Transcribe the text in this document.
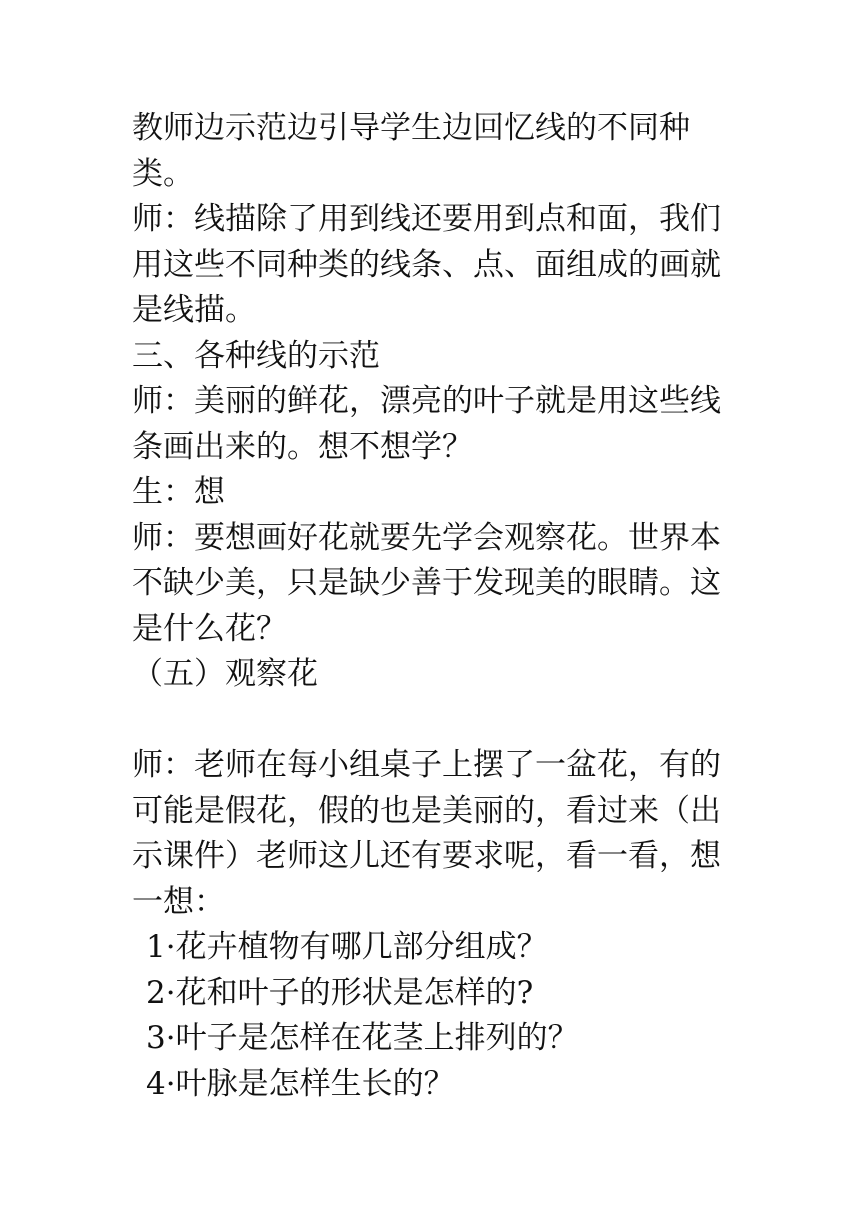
教师边示范边引导学生边回忆线的不同种类。

师：线描除了用到线还要用到点和面，我们用这些不同种类的线条、点、面组成的画就是线描。

三、各种线的示范

师：美丽的鲜花，漂亮的叶子就是用这些线条画出来的。想不想学？

生：想

师：要想画好花就要先学会观察花。世界本不缺少美，只是缺少善于发现美的眼睛。这是什么花？

（五）观察花

师：老师在每小组桌子上摆了一盆花，有的可能是假花，假的也是美丽的，看过来（出示课件）老师这儿还有要求呢，看一看，想一想：

1·花卉植物有哪几部分组成？

2·花和叶子的形状是怎样的?

3·叶子是怎样在花茎上排列的？

4·叶脉是怎样生长的？
